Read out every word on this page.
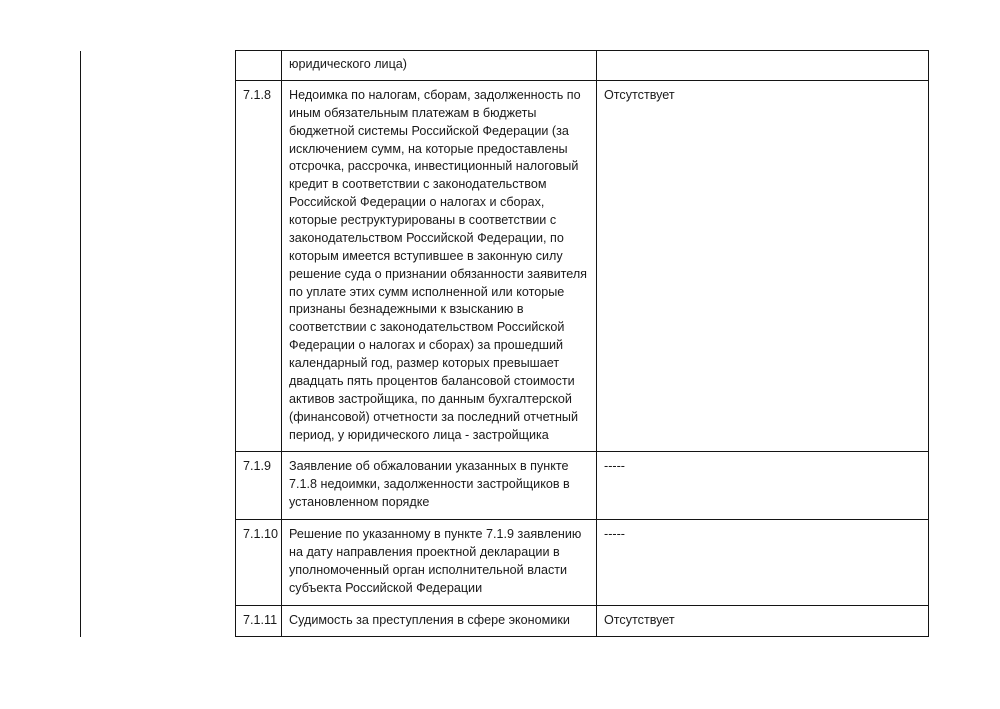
		юридического лица)	
	7.1.8	Недоимка по налогам, сборам, задолженность по иным обязательным платежам в бюджеты бюджетной системы Российской Федерации (за исключением сумм, на которые предоставлены отсрочка, рассрочка, инвестиционный налоговый кредит в соответствии с законодательством Российской Федерации о налогах и сборах, которые реструктурированы в соответствии с законодательством Российской Федерации, по которым имеется вступившее в законную силу решение суда о признании обязанности заявителя по уплате этих сумм исполненной или которые признаны безнадежными к взысканию в соответствии с законодательством Российской Федерации о налогах и сборах) за прошедший календарный год, размер которых превышает двадцать пять процентов балансовой стоимости активов застройщика, по данным бухгалтерской (финансовой) отчетности за последний отчетный период, у юридического лица - застройщика	Отсутствует
	7.1.9	Заявление об обжаловании указанных в пункте 7.1.8 недоимки, задолженности застройщиков в установленном порядке	-----
	7.1.10	Решение по указанному в пункте 7.1.9 заявлению на дату направления проектной декларации в уполномоченный орган исполнительной власти субъекта Российской Федерации	-----
	7.1.11	Судимость за преступления в сфере экономики	Отсутствует
